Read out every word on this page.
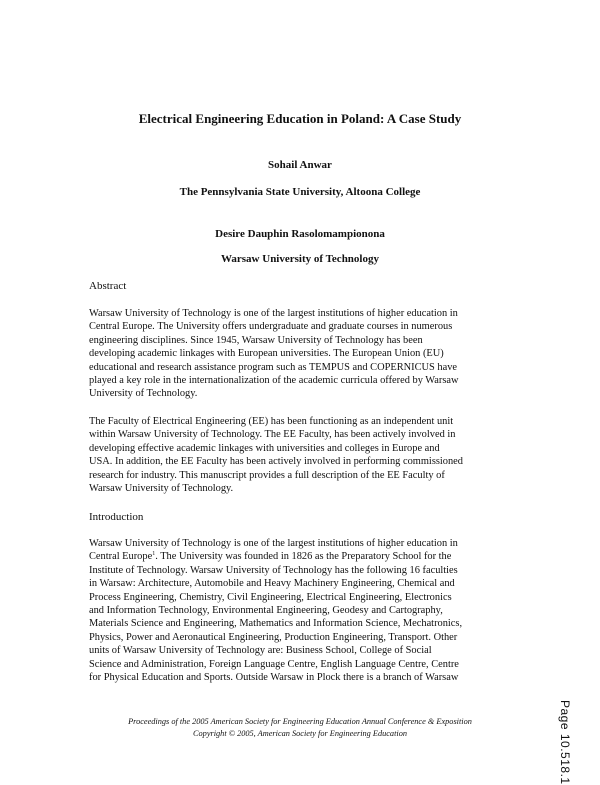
Electrical Engineering Education in Poland: A Case Study
Sohail Anwar
The Pennsylvania State University, Altoona College
Desire Dauphin Rasolomampionona
Warsaw University of Technology
Abstract
Warsaw University of Technology is one of the largest institutions of higher education in
Central Europe. The University offers undergraduate and graduate courses in numerous
engineering disciplines. Since 1945, Warsaw University of Technology has been
developing academic linkages with European universities. The European Union (EU)
educational and research assistance program such as TEMPUS and COPERNICUS have
played a key role in the internationalization of the academic curricula offered by Warsaw
University of Technology.
The Faculty of Electrical Engineering (EE) has been functioning as an independent unit
within Warsaw University of Technology. The EE Faculty, has been actively involved in
developing effective academic linkages with universities and colleges in Europe and
USA. In addition, the EE Faculty has been actively involved in performing commissioned
research for industry. This manuscript provides a full description of the EE Faculty of
Warsaw University of Technology.
Introduction
Warsaw University of Technology is one of the largest institutions of higher education in
Central Europe$^1$. The University was founded in 1826 as the Preparatory School for the
Institute of Technology. Warsaw University of Technology has the following 16 faculties
in Warsaw: Architecture, Automobile and Heavy Machinery Engineering, Chemical and
Process Engineering, Chemistry, Civil Engineering, Electrical Engineering, Electronics
and Information Technology, Environmental Engineering, Geodesy and Cartography,
Materials Science and Engineering, Mathematics and Information Science, Mechatronics,
Physics, Power and Aeronautical Engineering, Production Engineering, Transport. Other
units of Warsaw University of Technology are: Business School, College of Social
Science and Administration, Foreign Language Centre, English Language Centre, Centre
for Physical Education and Sports. Outside Warsaw in Plock there is a branch of Warsaw
Proceedings of the 2005 American Society for Engineering Education Annual Conference & Exposition
Copyright © 2005, American Society for Engineering Education	Page 10.518.1
